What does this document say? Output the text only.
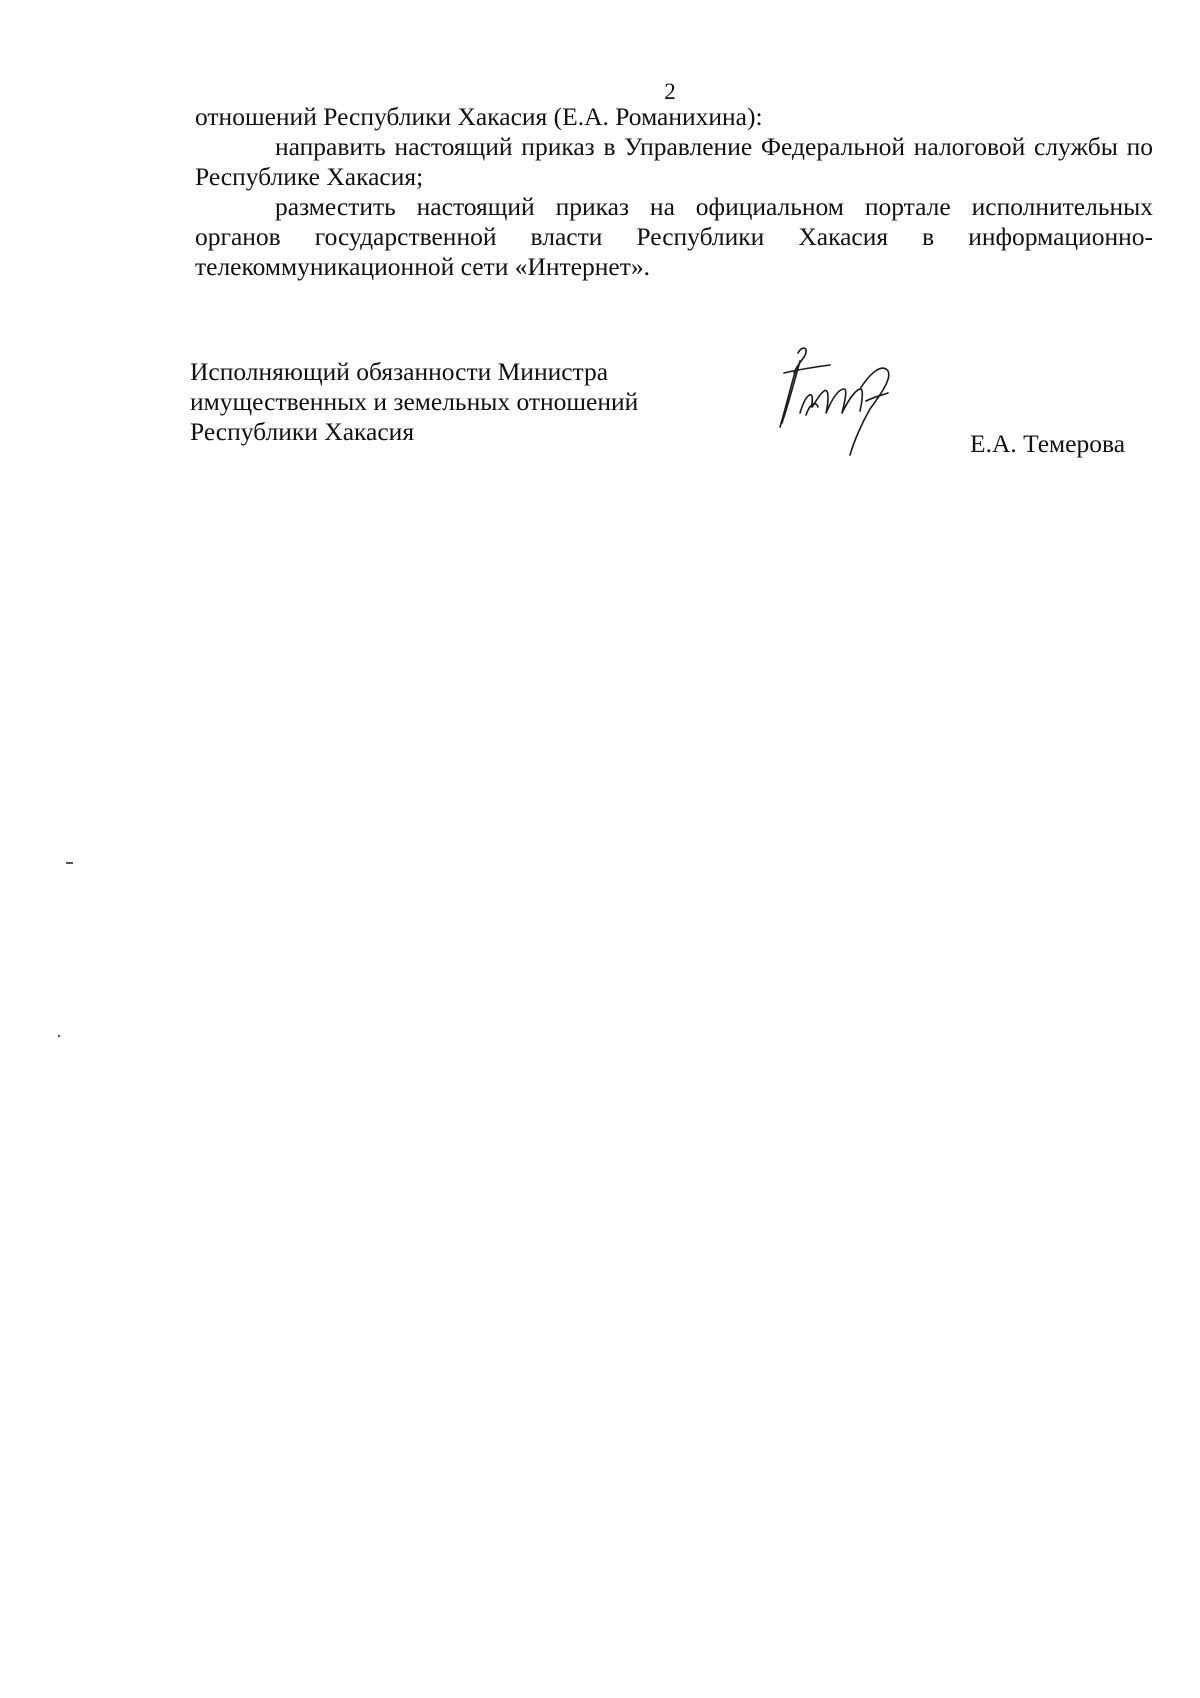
2

отношений Республики Хакасия (Е.А. Романихина):

направить настоящий приказ в Управление Федеральной налоговой службы по Республике Хакасия;

разместить настоящий приказ на официальном портале исполнительных органов государственной власти Республики Хакасия в информационно-телекоммуникационной сети «Интернет».

Исполняющий обязанности Министра
имущественных и земельных отношений
Республики Хакасия	Е.А. Темерова
